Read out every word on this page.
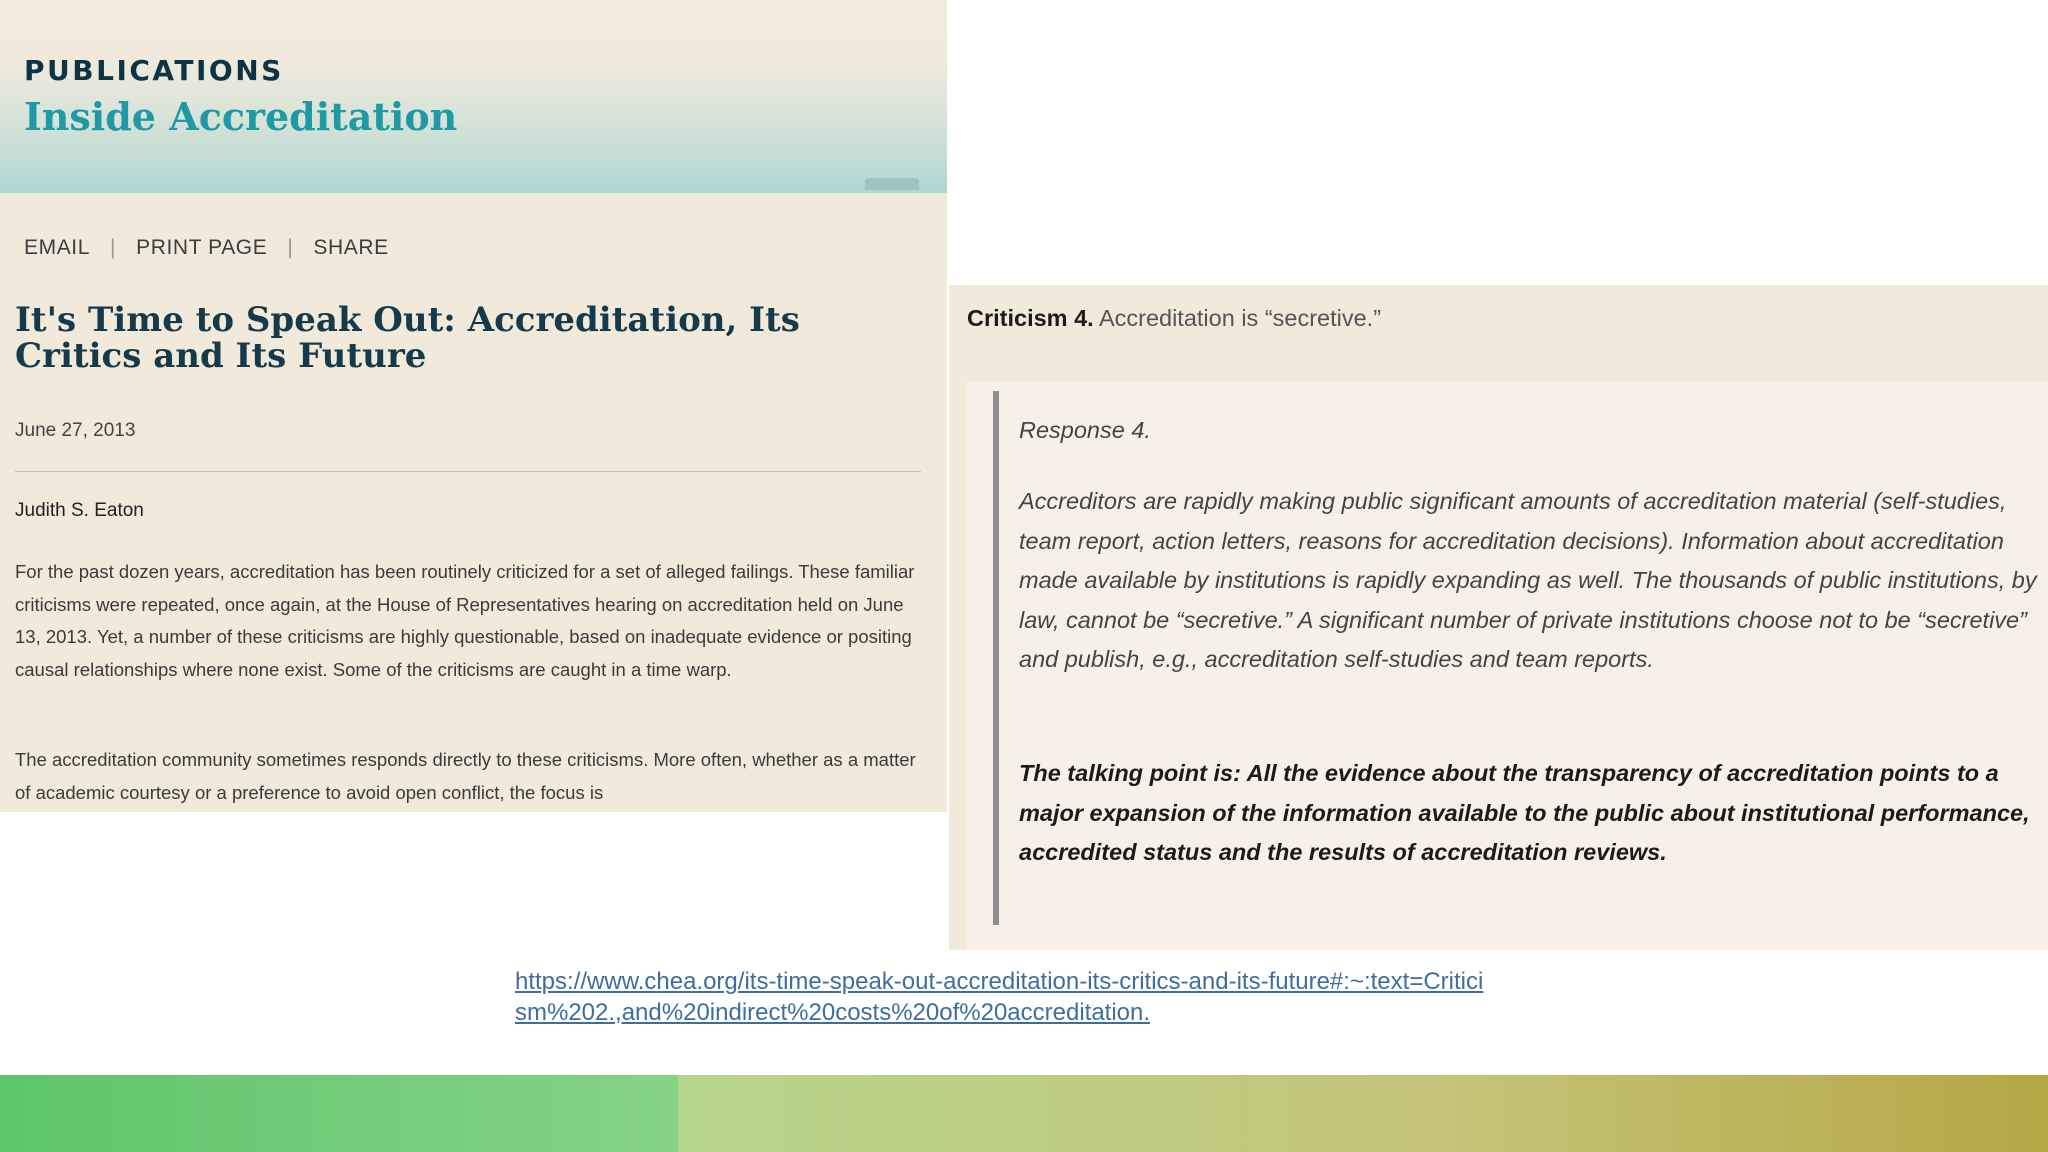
PUBLICATIONS
Inside Accreditation
EMAIL | PRINT PAGE | SHARE
It's Time to Speak Out: Accreditation, Its Critics and Its Future
June 27, 2013
Judith S. Eaton

For the past dozen years, accreditation has been routinely criticized for a set of alleged failings. These familiar criticisms were repeated, once again, at the House of Representatives hearing on accreditation held on June 13, 2013. Yet, a number of these criticisms are highly questionable, based on inadequate evidence or positing causal relationships where none exist. Some of the criticisms are caught in a time warp.

The accreditation community sometimes responds directly to these criticisms. More often, whether as a matter of academic courtesy or a preference to avoid open conflict, the focus is

Criticism 4. Accreditation is “secretive.”
Response 4.

Accreditors are rapidly making public significant amounts of accreditation material (self-studies, team report, action letters, reasons for accreditation decisions). Information about accreditation made available by institutions is rapidly expanding as well. The thousands of public institutions, by law, cannot be “secretive.” A significant number of private institutions choose not to be “secretive” and publish, e.g., accreditation self-studies and team reports.

The talking point is: All the evidence about the transparency of accreditation points to a major expansion of the information available to the public about institutional performance, accredited status and the results of accreditation reviews.

https://www.chea.org/its-time-speak-out-accreditation-its-critics-and-its-future#:~:text=Criticism%202.,and%20indirect%20costs%20of%20accreditation.
